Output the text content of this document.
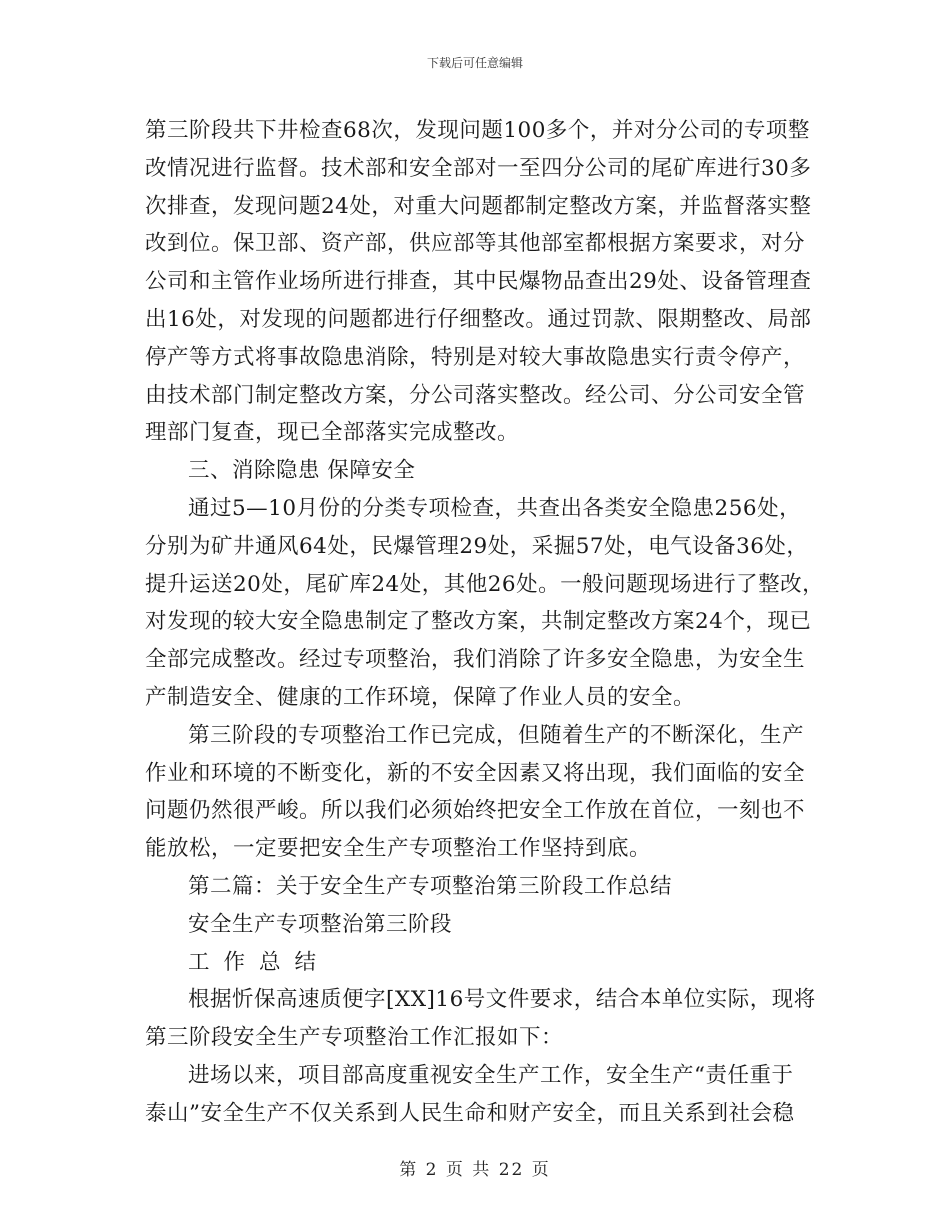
下载后可任意编辑
第三阶段共下井检查68次，发现问题100多个，并对分公司的专项整
改情况进行监督。技术部和安全部对一至四分公司的尾矿库进行30多
次排查，发现问题24处，对重大问题都制定整改方案，并监督落实整
改到位。保卫部、资产部，供应部等其他部室都根据方案要求，对分
公司和主管作业场所进行排查，其中民爆物品查出29处、设备管理查
出16处，对发现的问题都进行仔细整改。通过罚款、限期整改、局部
停产等方式将事故隐患消除，特别是对较大事故隐患实行责令停产，
由技术部门制定整改方案，分公司落实整改。经公司、分公司安全管
理部门复查，现已全部落实完成整改。
三、消除隐患 保障安全
通过5—10月份的分类专项检查，共查出各类安全隐患256处，
分别为矿井通风64处，民爆管理29处，采掘57处，电气设备36处，
提升运送20处，尾矿库24处，其他26处。一般问题现场进行了整改，
对发现的较大安全隐患制定了整改方案，共制定整改方案24个，现已
全部完成整改。经过专项整治，我们消除了许多安全隐患，为安全生
产制造安全、健康的工作环境，保障了作业人员的安全。
第三阶段的专项整治工作已完成，但随着生产的不断深化，生产
作业和环境的不断变化，新的不安全因素又将出现，我们面临的安全
问题仍然很严峻。所以我们必须始终把安全工作放在首位，一刻也不
能放松，一定要把安全生产专项整治工作坚持到底。
第二篇：关于安全生产专项整治第三阶段工作总结
安全生产专项整治第三阶段
工作总结
根据忻保高速质便字[XX]16号文件要求，结合本单位实际，现将
第三阶段安全生产专项整治工作汇报如下：
进场以来，项目部高度重视安全生产工作，安全生产“责任重于
泰山”安全生产不仅关系到人民生命和财产安全，而且关系到社会稳
第 2 页 共 22 页
